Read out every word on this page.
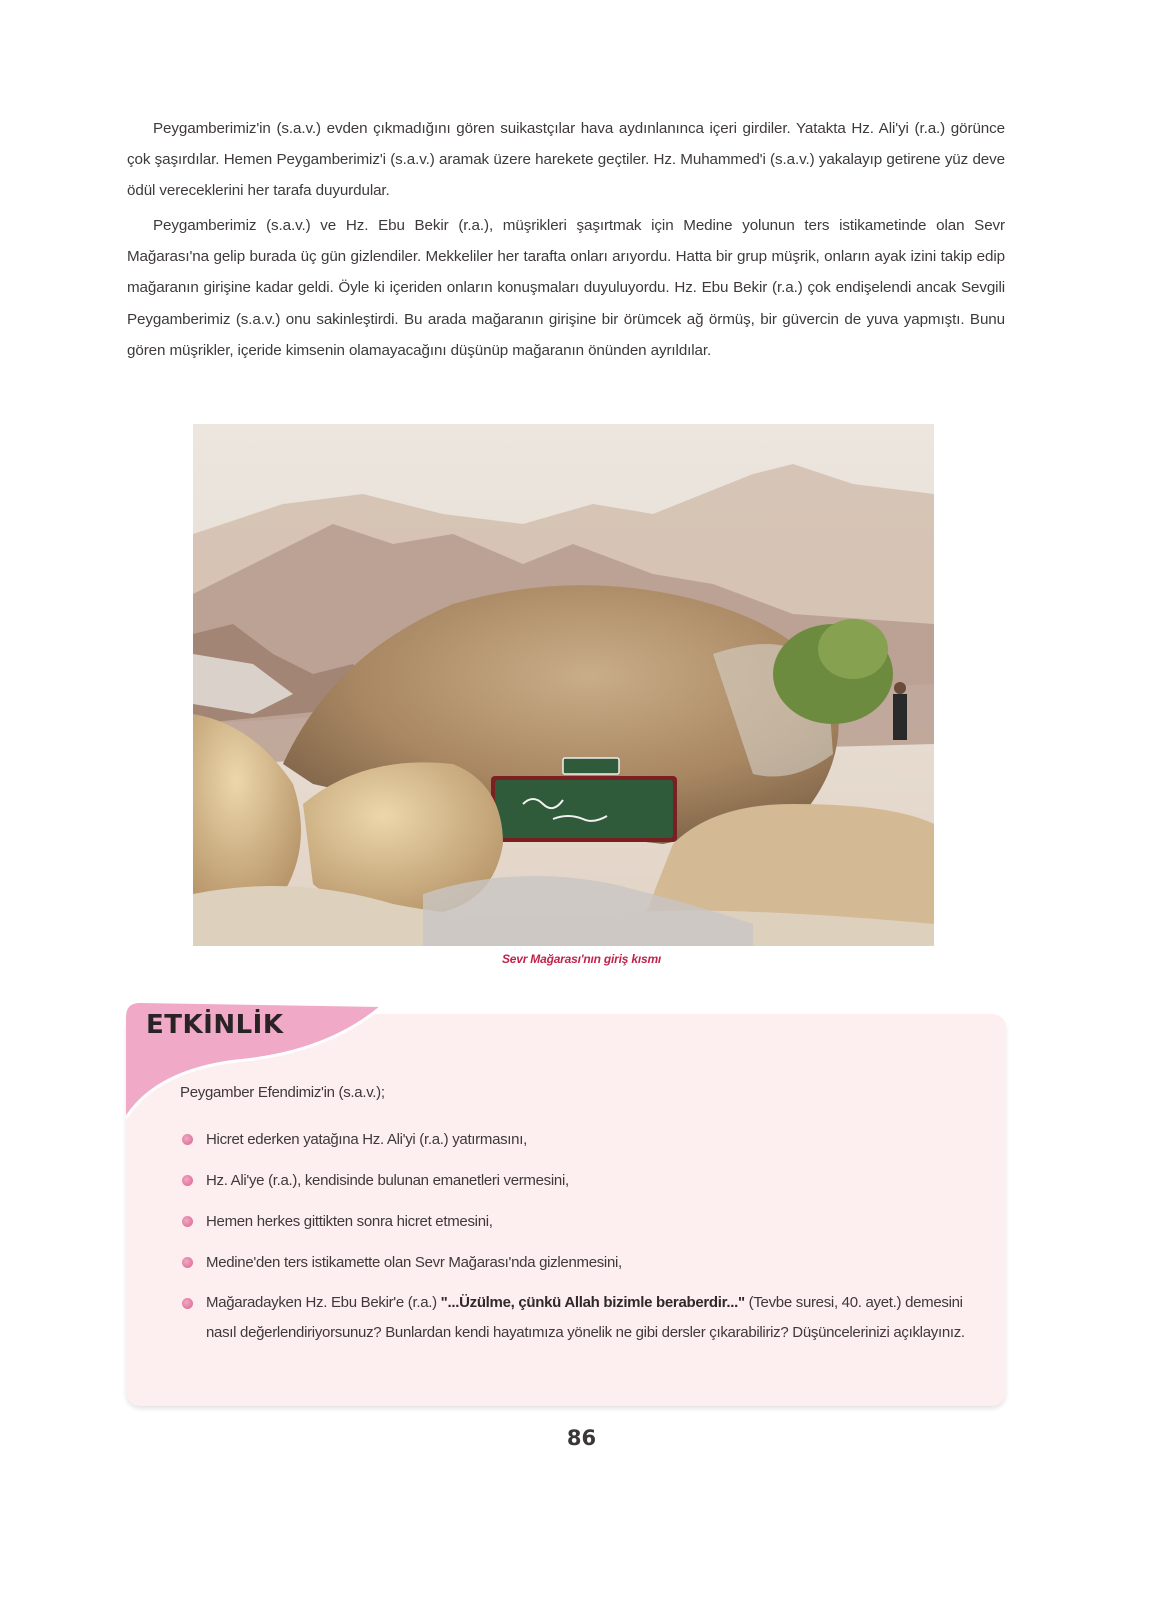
Peygamberimiz'in (s.a.v.) evden çıkmadığını gören suikastçılar hava aydınlanınca içeri girdiler. Yatakta Hz. Ali'yi (r.a.) görünce çok şaşırdılar. Hemen Peygamberimiz'i (s.a.v.) aramak üzere harekete geçtiler. Hz. Muhammed'i (s.a.v.) yakalayıp getirene yüz deve ödül vereceklerini her tarafa duyurdular.

Peygamberimiz (s.a.v.) ve Hz. Ebu Bekir (r.a.), müşrikleri şaşırtmak için Medine yolunun ters istikametinde olan Sevr Mağarası'na gelip burada üç gün gizlendiler. Mekkeliler her tarafta onları arıyordu. Hatta bir grup müşrik, onların ayak izini takip edip mağaranın girişine kadar geldi. Öyle ki içeriden onların konuşmaları duyuluyordu. Hz. Ebu Bekir (r.a.) çok endişelendi ancak Sevgili Peygamberimiz (s.a.v.) onu sakinleştirdi. Bu arada mağaranın girişine bir örümcek ağ örmüş, bir güvercin de yuva yapmıştı. Bunu gören müşrikler, içeride kimsenin olamayacağını düşünüp mağaranın önünden ayrıldılar.

Sevr Mağarası'nın giriş kısmı
ETKİNLİK
Peygamber Efendimiz'in (s.a.v.);
Hicret ederken yatağına Hz. Ali'yi (r.a.) yatırmasını,
Hz. Ali'ye (r.a.), kendisinde bulunan emanetleri vermesini,
Hemen herkes gittikten sonra hicret etmesini,
Medine'den ters istikamette olan Sevr Mağarası'nda gizlenmesini,
Mağaradayken Hz. Ebu Bekir'e (r.a.) "...Üzülme, çünkü Allah bizimle beraberdir..." (Tevbe suresi, 40. ayet.) demesini nasıl değerlendiriyorsunuz? Bunlardan kendi hayatımıza yönelik ne gibi dersler çıkarabiliriz? Düşüncelerinizi açıklayınız.
86
